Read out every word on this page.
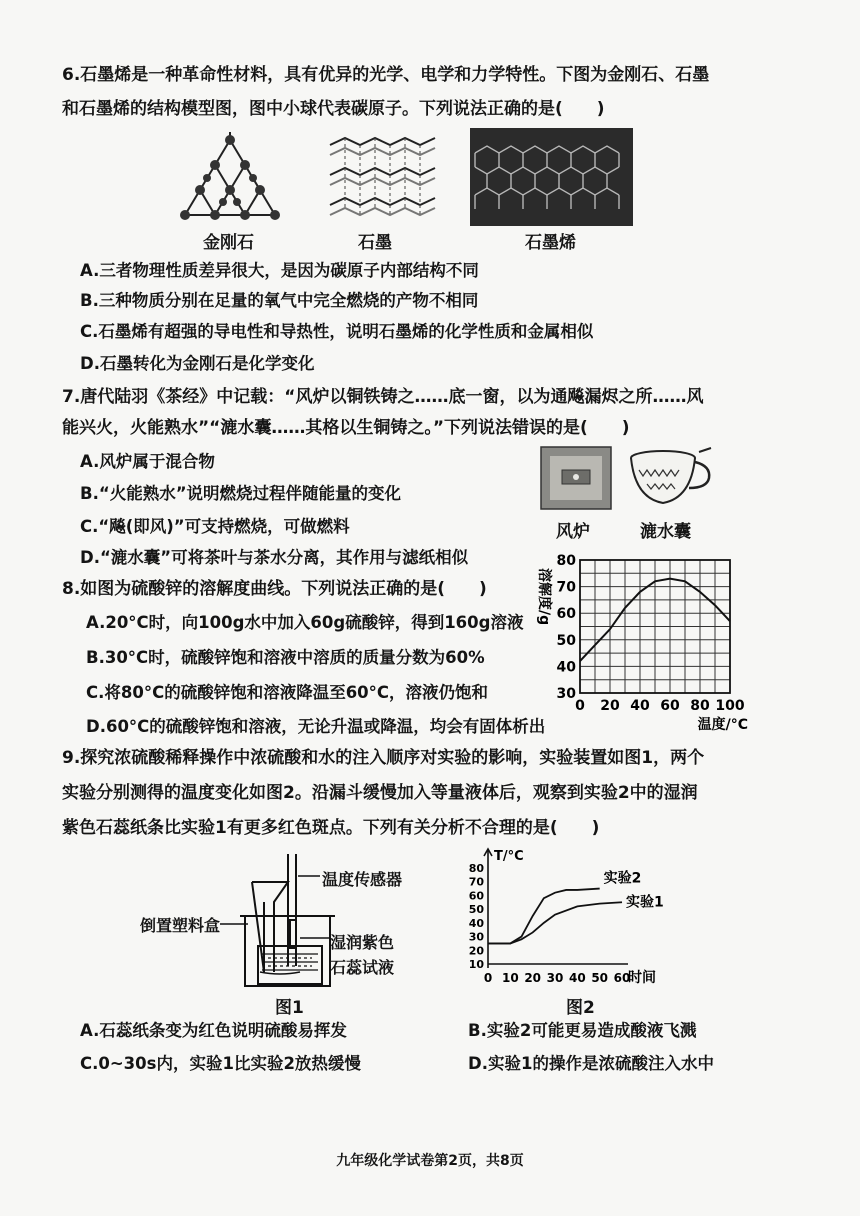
6.石墨烯是一种革命性材料，具有优异的光学、电学和力学特性。下图为金刚石、石墨
和石墨烯的结构模型图，图中小球代表碳原子。下列说法正确的是(　　)
金刚石	石墨	石墨烯
A.三者物理性质差异很大，是因为碳原子内部结构不同
B.三种物质分别在足量的氧气中完全燃烧的产物不相同
C.石墨烯有超强的导电性和导热性，说明石墨烯的化学性质和金属相似
D.石墨转化为金刚石是化学变化
7.唐代陆羽《茶经》中记载：“风炉以铜铁铸之……底一窗，以为通飚漏烬之所……风
能兴火，火能熟水”“漉水囊……其格以生铜铸之。”下列说法错误的是(　　)
A.风炉属于混合物
B.“火能熟水”说明燃烧过程伴随能量的变化
C.“飚(即风)”可支持燃烧，可做燃料
D.“漉水囊”可将茶叶与茶水分离，其作用与滤纸相似
风炉	漉水囊
8.如图为硫酸锌的溶解度曲线。下列说法正确的是(　　)
A.20°C时，向100g水中加入60g硫酸锌，得到160g溶液
B.30°C时，硫酸锌饱和溶液中溶质的质量分数为60%
C.将80°C的硫酸锌饱和溶液降温至60°C，溶液仍饱和
D.60°C的硫酸锌饱和溶液，无论升温或降温，均会有固体析出
0 20 40 60 80 100
30
40
50
60
70
80
温度/°C
溶解度/g
9.探究浓硫酸稀释操作中浓硫酸和水的注入顺序对实验的影响，实验装置如图1，两个
实验分别测得的温度变化如图2。沿漏斗缓慢加入等量液体后，观察到实验2中的湿润
紫色石蕊纸条比实验1有更多红色斑点。下列有关分析不合理的是(　　)
温度传感器
倒置塑料盒
湿润紫色
石蕊试液
图1
10
20
30
40
50
60
70
80
0 10 20 30 40 50 60
T/°C
时间
实验2
实验1
图2
A.石蕊纸条变为红色说明硫酸易挥发	B.实验2可能更易造成酸液飞溅
C.0~30s内，实验1比实验2放热缓慢	D.实验1的操作是浓硫酸注入水中
九年级化学试卷第2页，共8页
